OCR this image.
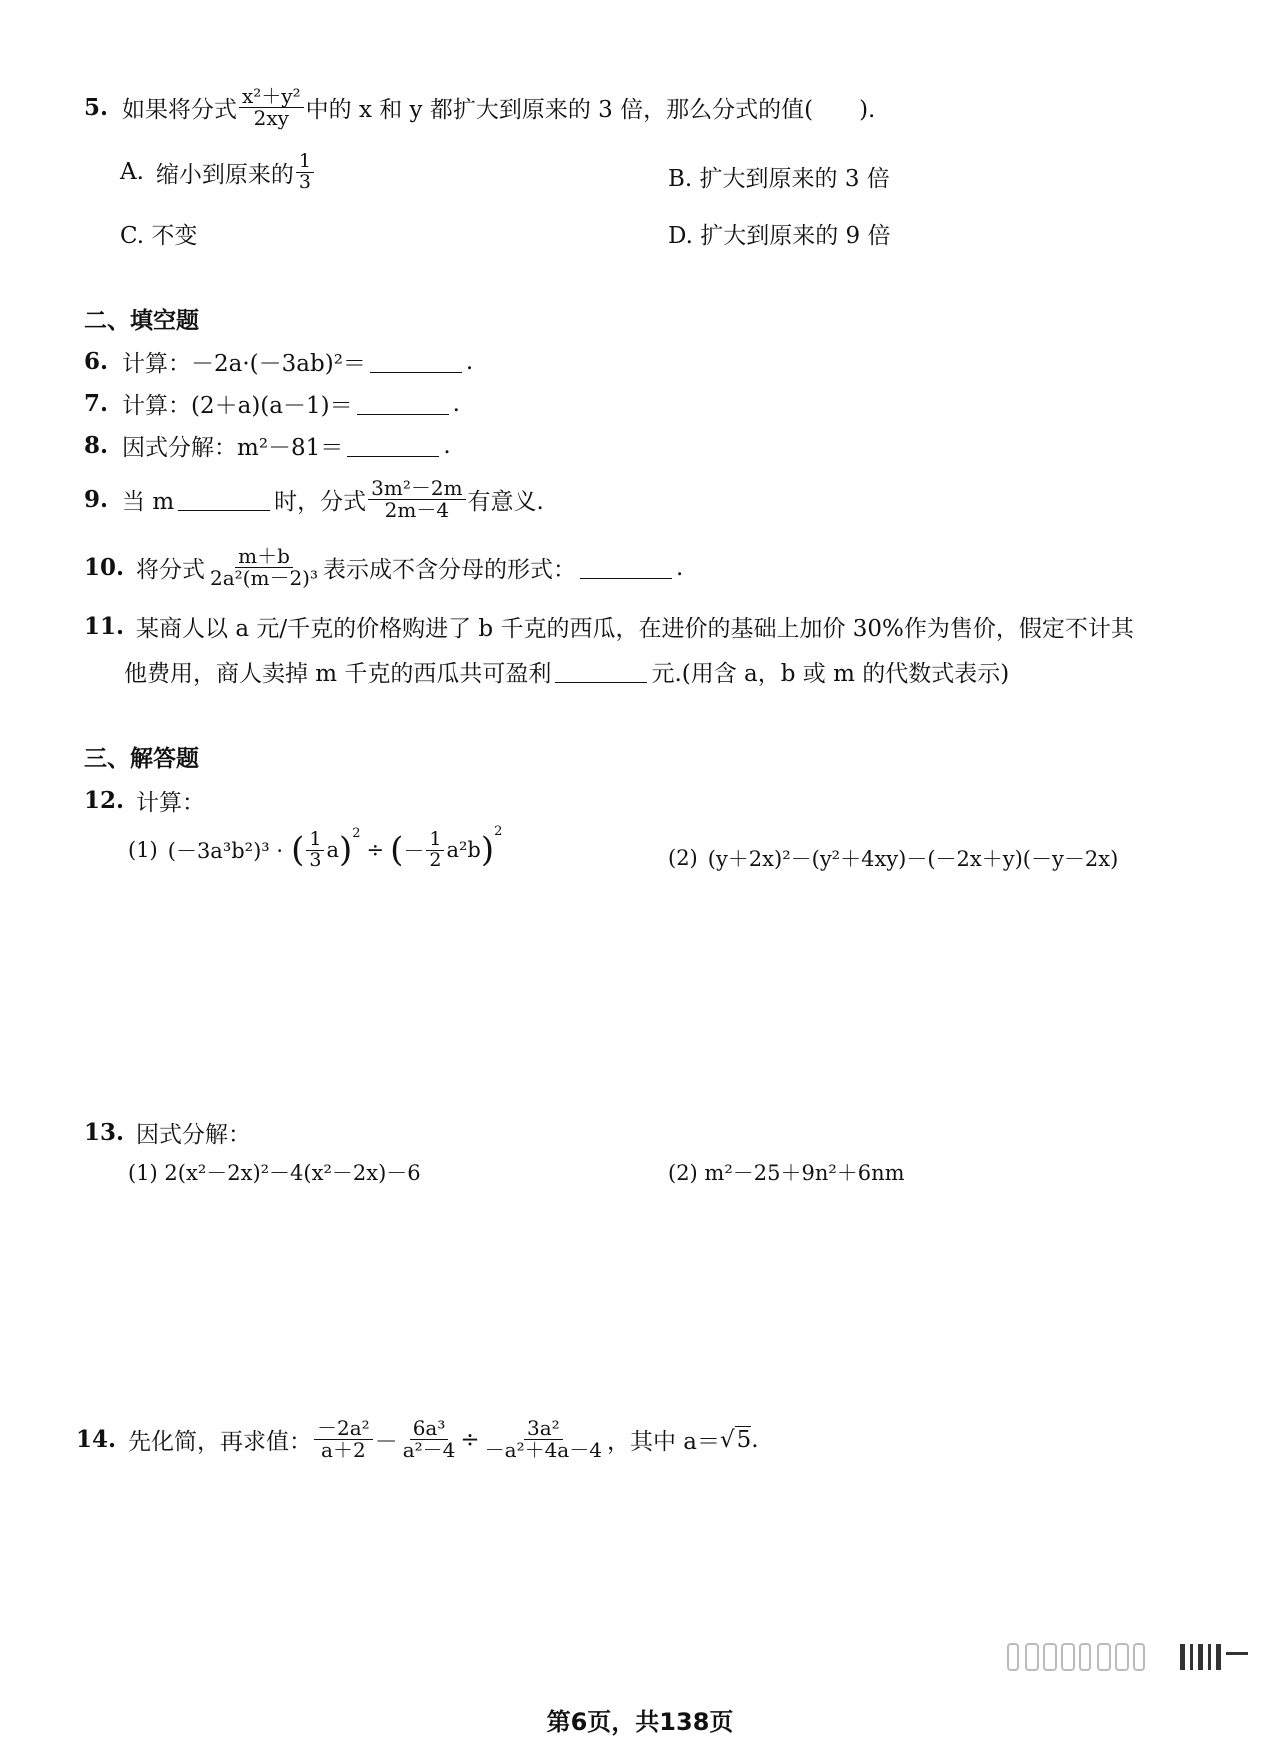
5. 如果将分式 $\frac{\text{x²＋y²}}{2xy}$ 中的 x 和 y 都扩大到原来的 3 倍，那么分式的值(　　).
A. 缩小到原来的 $\frac{1}{3}$	B. 扩大到原来的 3 倍
C. 不变	D. 扩大到原来的 9 倍
二、填空题
6. 计算：－2a·(－3ab)²＝	.
7. 计算：(2＋a)(a－1)＝	.
8. 因式分解：m²－81＝	.
9. 当 m	时，分式 $\frac{\text{3m²－2m}}{2m-4}$ 有意义.
10. 将分式 $\frac{m+b}{\text{2a²(m－2)³}}$ 表示成不含分母的形式：	.
11. 某商人以 a 元/千克的价格购进了 b 千克的西瓜，在进价的基础上加价 30%作为售价，假定不计其
他费用，商人卖掉 m 千克的西瓜共可盈利	元.(用含 a，b 或 m 的代数式表示)
三、解答题
12. 计算：
(1) (－3a³b²)³ · ( $\frac{1}{3}$ a ) 2
÷ ( － $\frac{1}{2} a^2b$ ) 2
(2) (y＋2x)²－(y²＋4xy)－(－2x＋y)(－y－2x)
13. 因式分解：
(1) 2(x²－2x)²－4(x²－2x)－6	(2) m²－25＋9n²＋6nm
14. 先化简，再求值： $\frac{\text{－2a²}}{a+2} - \frac{\text{6a³}}{\text{a²－4}} \div \frac{\text{3a²}}{\text{－a²＋4a－4}}$ ，其中 a＝ √ 5 .
第6页，共138页
